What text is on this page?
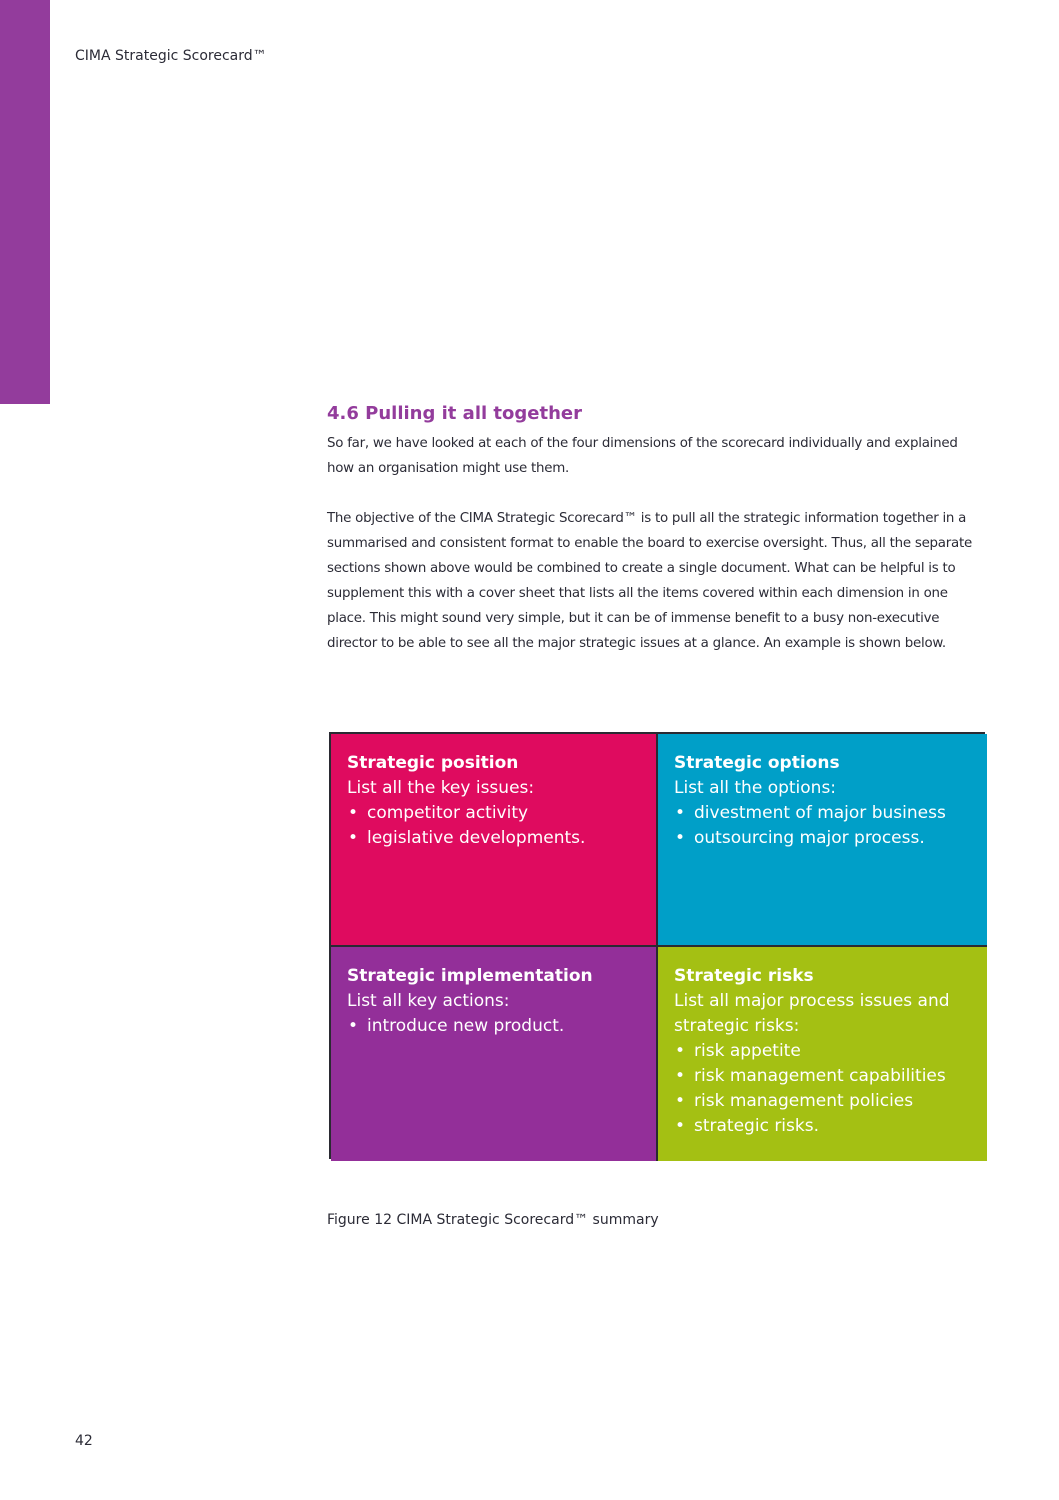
CIMA Strategic Scorecard™
4.6 Pulling it all together

So far, we have looked at each of the four dimensions of the scorecard individually and explained how an organisation might use them.

The objective of the CIMA Strategic Scorecard™ is to pull all the strategic information together in a summarised and consistent format to enable the board to exercise oversight. Thus, all the separate sections shown above would be combined to create a single document. What can be helpful is to supplement this with a cover sheet that lists all the items covered within each dimension in one place. This might sound very simple, but it can be of immense benefit to a busy non-executive director to be able to see all the major strategic issues at a glance. An example is shown below.

Strategic position
List all the key issues:
• competitor activity
• legislative developments.
Strategic options
List all the options:
• divestment of major business
• outsourcing major process.
Strategic implementation
List all key actions:
• introduce new product.
Strategic risks
List all major process issues and strategic risks:
• risk appetite
• risk management capabilities
• risk management policies
• strategic risks.
Figure 12 CIMA Strategic Scorecard™ summary
42
